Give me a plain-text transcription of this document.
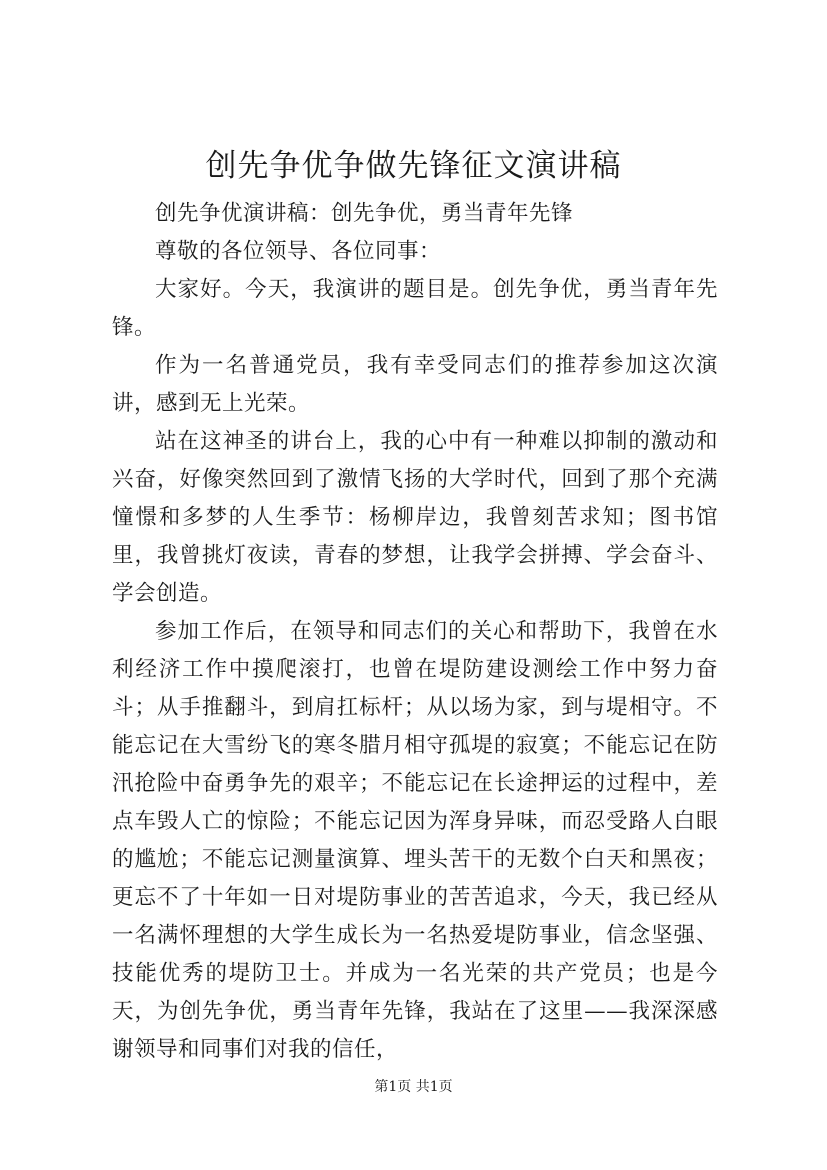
创先争优争做先锋征文演讲稿

创先争优演讲稿：创先争优，勇当青年先锋

尊敬的各位领导、各位同事：

大家好。今天，我演讲的题目是。创先争优，勇当青年先锋。

作为一名普通党员，我有幸受同志们的推荐参加这次演讲，感到无上光荣。

站在这神圣的讲台上，我的心中有一种难以抑制的激动和兴奋，好像突然回到了激情飞扬的大学时代，回到了那个充满憧憬和多梦的人生季节：杨柳岸边，我曾刻苦求知；图书馆里，我曾挑灯夜读，青春的梦想，让我学会拼搏、学会奋斗、学会创造。

参加工作后，在领导和同志们的关心和帮助下，我曾在水利经济工作中摸爬滚打，也曾在堤防建设测绘工作中努力奋斗；从手推翻斗，到肩扛标杆；从以场为家，到与堤相守。不能忘记在大雪纷飞的寒冬腊月相守孤堤的寂寞；不能忘记在防汛抢险中奋勇争先的艰辛；不能忘记在长途押运的过程中，差点车毁人亡的惊险；不能忘记因为浑身异味，而忍受路人白眼的尴尬；不能忘记测量演算、埋头苦干的无数个白天和黑夜；更忘不了十年如一日对堤防事业的苦苦追求，今天，我已经从一名满怀理想的大学生成长为一名热爱堤防事业，信念坚强、技能优秀的堤防卫士。并成为一名光荣的共产党员；也是今天，为创先争优，勇当青年先锋，我站在了这里——我深深感谢领导和同事们对我的信任，

第1页 共1页
